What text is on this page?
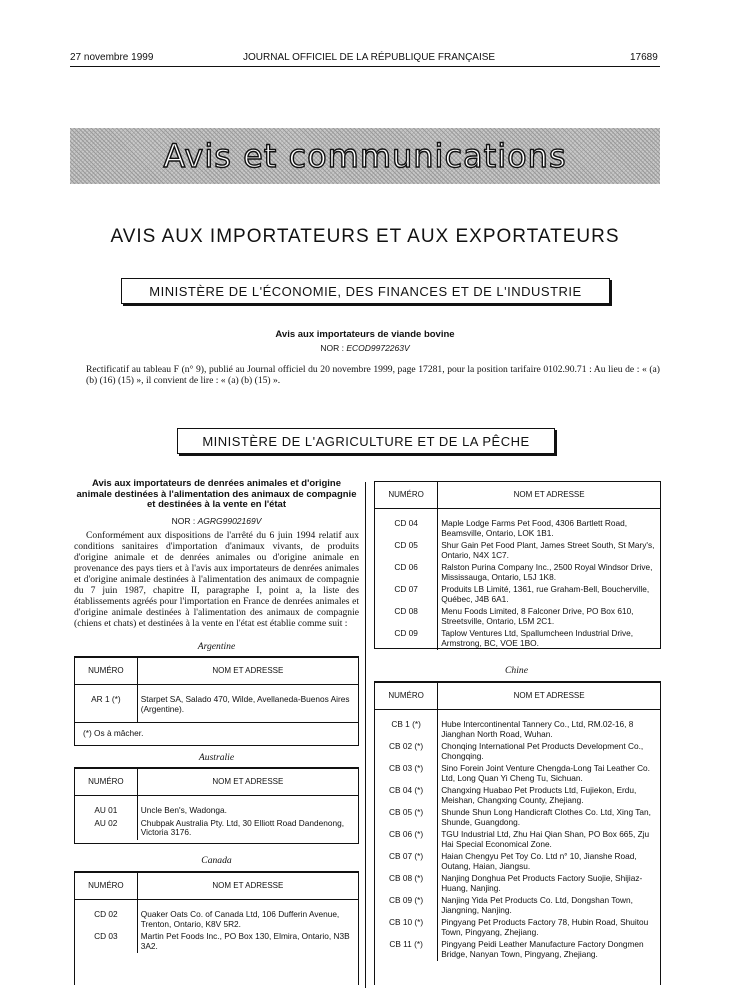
27 novembre 1999	JOURNAL OFFICIEL DE LA RÉPUBLIQUE FRANÇAISE	17689
Avis et communications
AVIS AUX IMPORTATEURS ET AUX EXPORTATEURS
MINISTÈRE DE L'ÉCONOMIE, DES FINANCES ET DE L'INDUSTRIE
Avis aux importateurs de viande bovine
NOR : ECOD9972263V
Rectificatif au tableau F (n° 9), publié au Journal officiel du 20 novembre 1999, page 17281, pour la position tarifaire 0102.90.71 : Au lieu de : « (a) (b) (16) (15) », il convient de lire : « (a) (b) (15) ».
MINISTÈRE DE L'AGRICULTURE ET DE LA PÊCHE
Avis aux importateurs de denrées animales et d'origine animale destinées à l'alimentation des animaux de compagnie et destinées à la vente en l'état
NOR : AGRG9902169V
Conformément aux dispositions de l'arrêté du 6 juin 1994 relatif aux conditions sanitaires d'importation d'animaux vivants, de produits d'origine animale et de denrées animales ou d'origine animale en provenance des pays tiers et à l'avis aux importateurs de denrées animales et d'origine animale destinées à l'alimentation des animaux de compagnie du 7 juin 1987, chapitre II, paragraphe I, point a, la liste des établissements agréés pour l'importation en France de denrées animales et d'origine animale destinées à l'alimentation des animaux de compagnie (chiens et chats) et destinées à la vente en l'état est établie comme suit :
Argentine
NUMÉRO	NOM ET ADRESSE
AR 1 (*)	Starpet SA, Salado 470, Wilde, Avellaneda-Buenos Aires (Argentine).
(*) Os à mâcher.	
Australie
NUMÉRO	NOM ET ADRESSE
AU 01	Uncle Ben's, Wadonga.
AU 02	Chubpak Australia Pty. Ltd, 30 Elliott Road Dandenong, Victoria 3176.
Canada
NUMÉRO	NOM ET ADRESSE
CD 02	Quaker Oats Co. of Canada Ltd, 106 Dufferin Avenue, Trenton, Ontario, K8V 5R2.
CD 03	Martin Pet Foods Inc., PO Box 130, Elmira, Ontario, N3B 3A2.
NUMÉRO	NOM ET ADRESSE
CD 04	Maple Lodge Farms Pet Food, 4306 Bartlett Road, Beamsville, Ontario, LOK 1B1.
CD 05	Shur Gain Pet Food Plant, James Street South, St Mary's, Ontario, N4X 1C7.
CD 06	Ralston Purina Company Inc., 2500 Royal Windsor Drive, Mississauga, Ontario, L5J 1K8.
CD 07	Produits LB Limité, 1361, rue Graham-Bell, Boucherville, Québec, J4B 6A1.
CD 08	Menu Foods Limited, 8 Falconer Drive, PO Box 610, Streetsville, Ontario, L5M 2C1.
CD 09	Taplow Ventures Ltd, Spallumcheen Industrial Drive, Armstrong, BC, VOE 1BO.
Chine
NUMÉRO	NOM ET ADRESSE
CB 1 (*)	Hube Intercontinental Tannery Co., Ltd, RM.02-16, 8 Jianghan North Road, Wuhan.
CB 02 (*)	Chonqing International Pet Products Development Co., Chongqing.
CB 03 (*)	Sino Forein Joint Venture Chengda-Long Tai Leather Co. Ltd, Long Quan Yi Cheng Tu, Sichuan.
CB 04 (*)	Changxing Huabao Pet Products Ltd, Fujiekon, Erdu, Meishan, Changxing County, Zhejiang.
CB 05 (*)	Shunde Shun Long Handicraft Clothes Co. Ltd, Xing Tan, Shunde, Guangdong.
CB 06 (*)	TGU Industrial Ltd, Zhu Hai Qian Shan, PO Box 665, Zju Hai Special Economical Zone.
CB 07 (*)	Haian Chengyu Pet Toy Co. Ltd n° 10, Jianshe Road, Outang, Haian, Jiangsu.
CB 08 (*)	Nanjing Donghua Pet Products Factory Suojie, Shijiaz-Huang, Nanjing.
CB 09 (*)	Nanjing Yida Pet Products Co. Ltd, Dongshan Town, Jiangning, Nanjing.
CB 10 (*)	Pingyang Pet Products Factory 78, Hubin Road, Shuitou Town, Pingyang, Zhejiang.
CB 11 (*)	Pingyang Peidi Leather Manufacture Factory Dongmen Bridge, Nanyan Town, Pingyang, Zhejiang.
